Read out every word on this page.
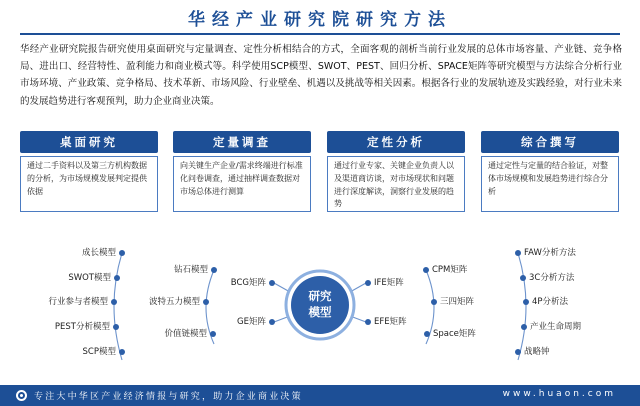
华经产业研究院研究方法
华经产业研究院报告研究使用桌面研究与定量调查、定性分析相结合的方式，全面客观的剖析当前行业发展的总体市场容量、产业链、竞争格局、进出口、经营特性、盈利能力和商业模式等。科学使用SCP模型、SWOT、PEST、回归分析、SPACE矩阵等研究模型与方法综合分析行业市场环境、产业政策、竞争格局、技术革新、市场风险、行业壁垒、机遇以及挑战等相关因素。根据各行业的发展轨迹及实践经验，对行业未来的发展趋势进行客观预判，助力企业商业决策。
桌面研究
通过二手资料以及第三方机构数据的分析，为市场规模发展判定提供依据
定量调查
向关键生产企业/需求终端进行标准化问卷调查，通过抽样调查数据对市场总体进行测算
定性分析
通过行业专家、关键企业负责人以及渠道商访谈，对市场现状和问题进行深度解读，洞察行业发展的趋势
综合撰写
通过定性与定量的结合验证，对整体市场规模和发展趋势进行综合分析
研究
模型
成长模型
SWOT模型
行业参与者模型
PEST分析模型
SCP模型
钻石模型
波特五力模型
价值链模型
BCG矩阵
GE矩阵
IFE矩阵
EFE矩阵
CPM矩阵
三四矩阵
Space矩阵
FAW分析方法
3C分析方法
4P分析法
产业生命周期
战略钟
专注大中华区产业经济情报与研究，助力企业商业决策	www.huaon.com
